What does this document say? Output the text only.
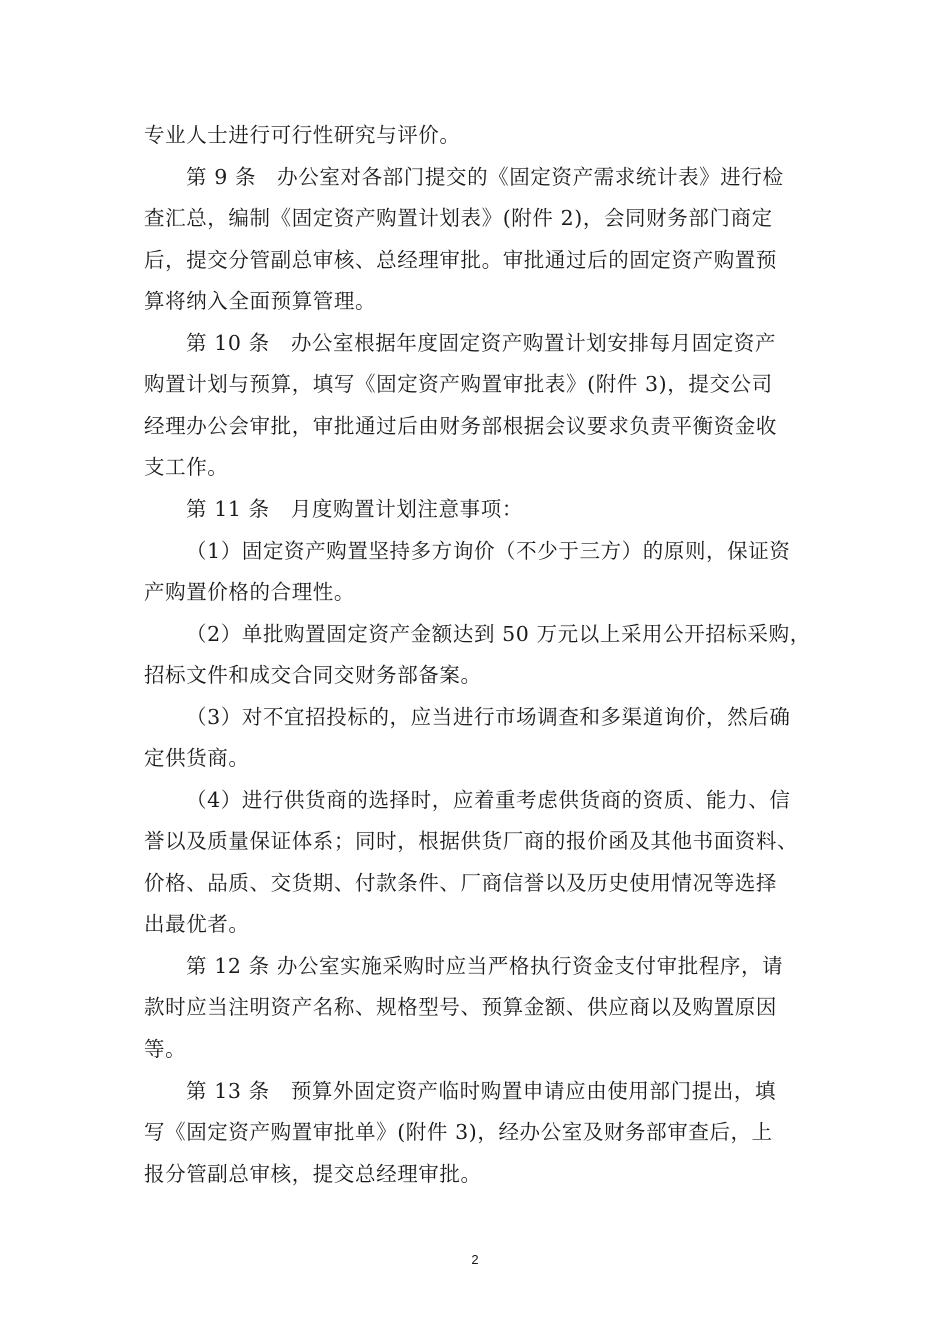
专业人士进行可行性研究与评价。
第 9 条　办公室对各部门提交的《固定资产需求统计表》进行检
查汇总，编制《固定资产购置计划表》(附件 2)，会同财务部门商定
后，提交分管副总审核、总经理审批。审批通过后的固定资产购置预
算将纳入全面预算管理。
第 10 条　办公室根据年度固定资产购置计划安排每月固定资产
购置计划与预算，填写《固定资产购置审批表》(附件 3)，提交公司
经理办公会审批，审批通过后由财务部根据会议要求负责平衡资金收
支工作。
第 11 条　月度购置计划注意事项：
（1）固定资产购置坚持多方询价（不少于三方）的原则，保证资
产购置价格的合理性。
（2）单批购置固定资产金额达到 50 万元以上采用公开招标采购，
招标文件和成交合同交财务部备案。
（3）对不宜招投标的，应当进行市场调查和多渠道询价，然后确
定供货商。
（4）进行供货商的选择时，应着重考虑供货商的资质、能力、信
誉以及质量保证体系；同时，根据供货厂商的报价函及其他书面资料、
价格、品质、交货期、付款条件、厂商信誉以及历史使用情况等选择
出最优者。
第 12 条 办公室实施采购时应当严格执行资金支付审批程序，请
款时应当注明资产名称、规格型号、预算金额、供应商以及购置原因
等。
第 13 条　预算外固定资产临时购置申请应由使用部门提出，填
写《固定资产购置审批单》(附件 3)，经办公室及财务部审查后，上
报分管副总审核，提交总经理审批。
2
